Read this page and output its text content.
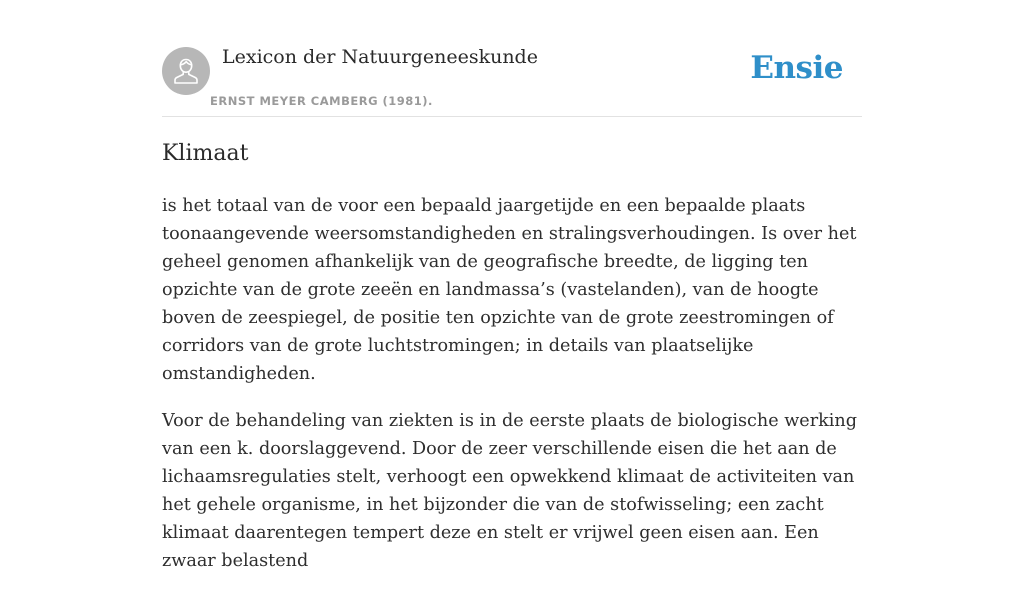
Lexicon der Natuurgeneeskunde
ERNST MEYER CAMBERG (1981).
Ensie
Klimaat

is het totaal van de voor een bepaald jaargetijde en een bepaalde plaats toonaangevende weersomstandigheden en stralingsverhoudingen. Is over het geheel genomen afhankelijk van de geografische breedte, de ligging ten opzichte van de grote zeeën en landmassa’s (vastelanden), van de hoogte boven de zeespiegel, de positie ten opzichte van de grote zeestromingen of corridors van de grote luchtstromingen; in details van plaatselijke omstandigheden.

Voor de behandeling van ziekten is in de eerste plaats de biologische werking van een k. doorslaggevend. Door de zeer verschillende eisen die het aan de lichaamsregulaties stelt, verhoogt een opwekkend klimaat de activiteiten van het gehele organisme, in het bijzonder die van de stofwisseling; een zacht klimaat daarentegen tempert deze en stelt er vrijwel geen eisen aan. Een zwaar belastend
